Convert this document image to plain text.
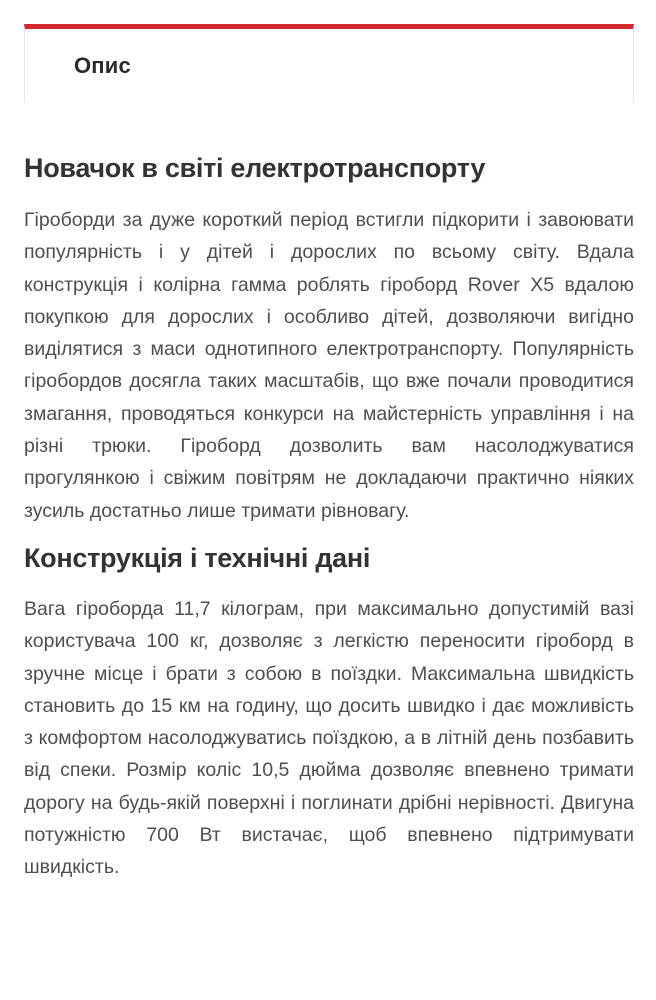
Опис
Новачок в світі електротранспорту

Гіроборди за дуже короткий період встигли підкорити і завоювати популярність і у дітей і дорослих по всьому світу. Вдала конструкція і колірна гамма роблять гіроборд Rover X5 вдалою покупкою для дорослих і особливо дітей, дозволяючи вигідно виділятися з маси однотипного електротранспорту. Популярність гіробордов досягла таких масштабів, що вже почали проводитися змагання, проводяться конкурси на майстерність управління і на різні трюки. Гіроборд дозволить вам насолоджуватися прогулянкою і свіжим повітрям не докладаючи практично ніяких зусиль достатньо лише тримати рівновагу.

Конструкція і технічні дані

Вага гіроборда 11,7 кілограм, при максимально допустимій вазі користувача 100 кг, дозволяє з легкістю переносити гіроборд в зручне місце і брати з собою в поїздки. Максимальна швидкість становить до 15 км на годину, що досить швидко і дає можливість з комфортом насолоджуватись поїздкою, а в літній день позбавить від спеки. Розмір коліс 10,5 дюйма дозволяє впевнено тримати дорогу на будь-якій поверхні і поглинати дрібні нерівності. Двигуна потужністю 700 Вт вистачає, щоб впевнено підтримувати швидкість.
